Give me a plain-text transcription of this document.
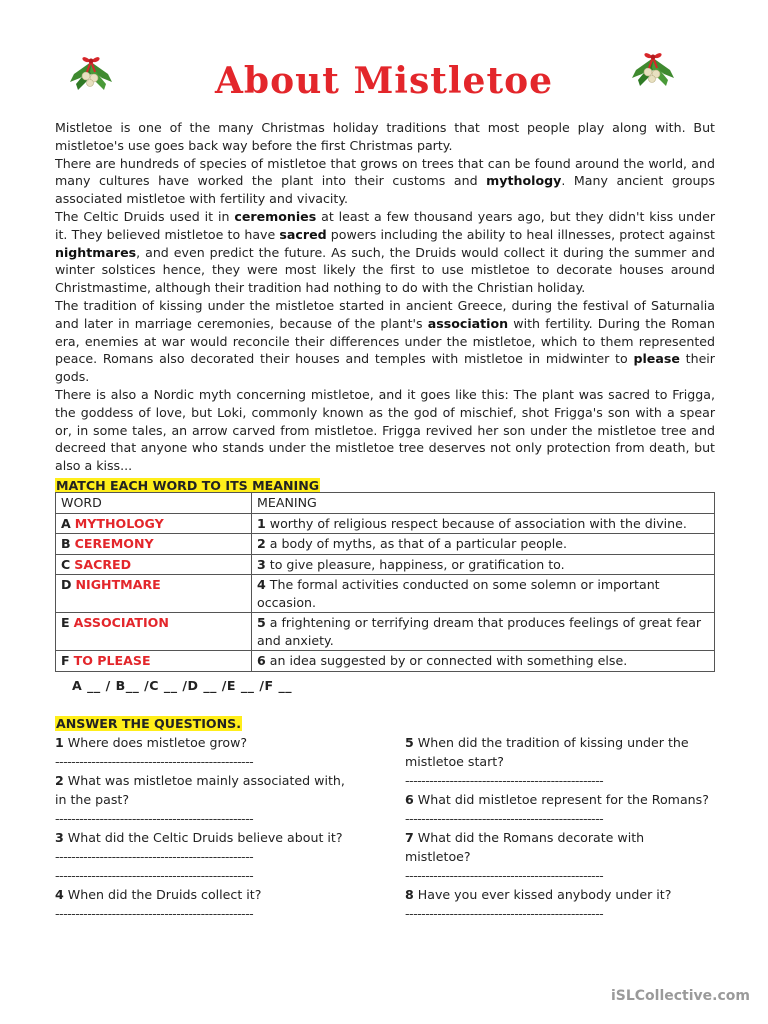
About Mistletoe

Mistletoe is one of the many Christmas holiday traditions that most people play along with. But mistletoe's use goes back way before the first Christmas party.

There are hundreds of species of mistletoe that grows on trees that can be found around the world, and many cultures have worked the plant into their customs and mythology. Many ancient groups associated mistletoe with fertility and vivacity.

The Celtic Druids used it in ceremonies at least a few thousand years ago, but they didn't kiss under it. They believed mistletoe to have sacred powers including the ability to heal illnesses, protect against nightmares, and even predict the future. As such, the Druids would collect it during the summer and winter solstices hence, they were most likely the first to use mistletoe to decorate houses around Christmastime, although their tradition had nothing to do with the Christian holiday.

The tradition of kissing under the mistletoe started in ancient Greece, during the festival of Saturnalia and later in marriage ceremonies, because of the plant's association with fertility. During the Roman era, enemies at war would reconcile their differences under the mistletoe, which to them represented peace. Romans also decorated their houses and temples with mistletoe in midwinter to please their gods.

There is also a Nordic myth concerning mistletoe, and it goes like this: The plant was sacred to Frigga, the goddess of love, but Loki, commonly known as the god of mischief, shot Frigga's son with a spear or, in some tales, an arrow carved from mistletoe. Frigga revived her son under the mistletoe tree and decreed that anyone who stands under the mistletoe tree deserves not only protection from death, but also a kiss...

MATCH EACH WORD TO ITS MEANING
WORD	MEANING
A MYTHOLOGY	1 worthy of religious respect because of association with the divine.
B CEREMONY	2 a body of myths, as that of a particular people.
C SACRED	3 to give pleasure, happiness, or gratification to.
D NIGHTMARE	4 The formal activities conducted on some solemn or important occasion.
E ASSOCIATION	5 a frightening or terrifying dream that produces feelings of great fear and anxiety.
F TO PLEASE	6 an idea suggested by or connected with something else.
A __ / B__ /C __ /D __ /E __ /F __
ANSWER THE QUESTIONS.
1 Where does mistletoe grow?
-------------------------------------------------
2 What was mistletoe mainly associated with, in the past?
-------------------------------------------------
3 What did the Celtic Druids believe about it?
-------------------------------------------------
-------------------------------------------------
4 When did the Druids collect it?
-------------------------------------------------
5 When did the tradition of kissing under the mistletoe start?
-------------------------------------------------
6 What did mistletoe represent for the Romans?
-------------------------------------------------
7 What did the Romans decorate with mistletoe?
-------------------------------------------------
8 Have you ever kissed anybody under it?
-------------------------------------------------
iSLCollective.com
